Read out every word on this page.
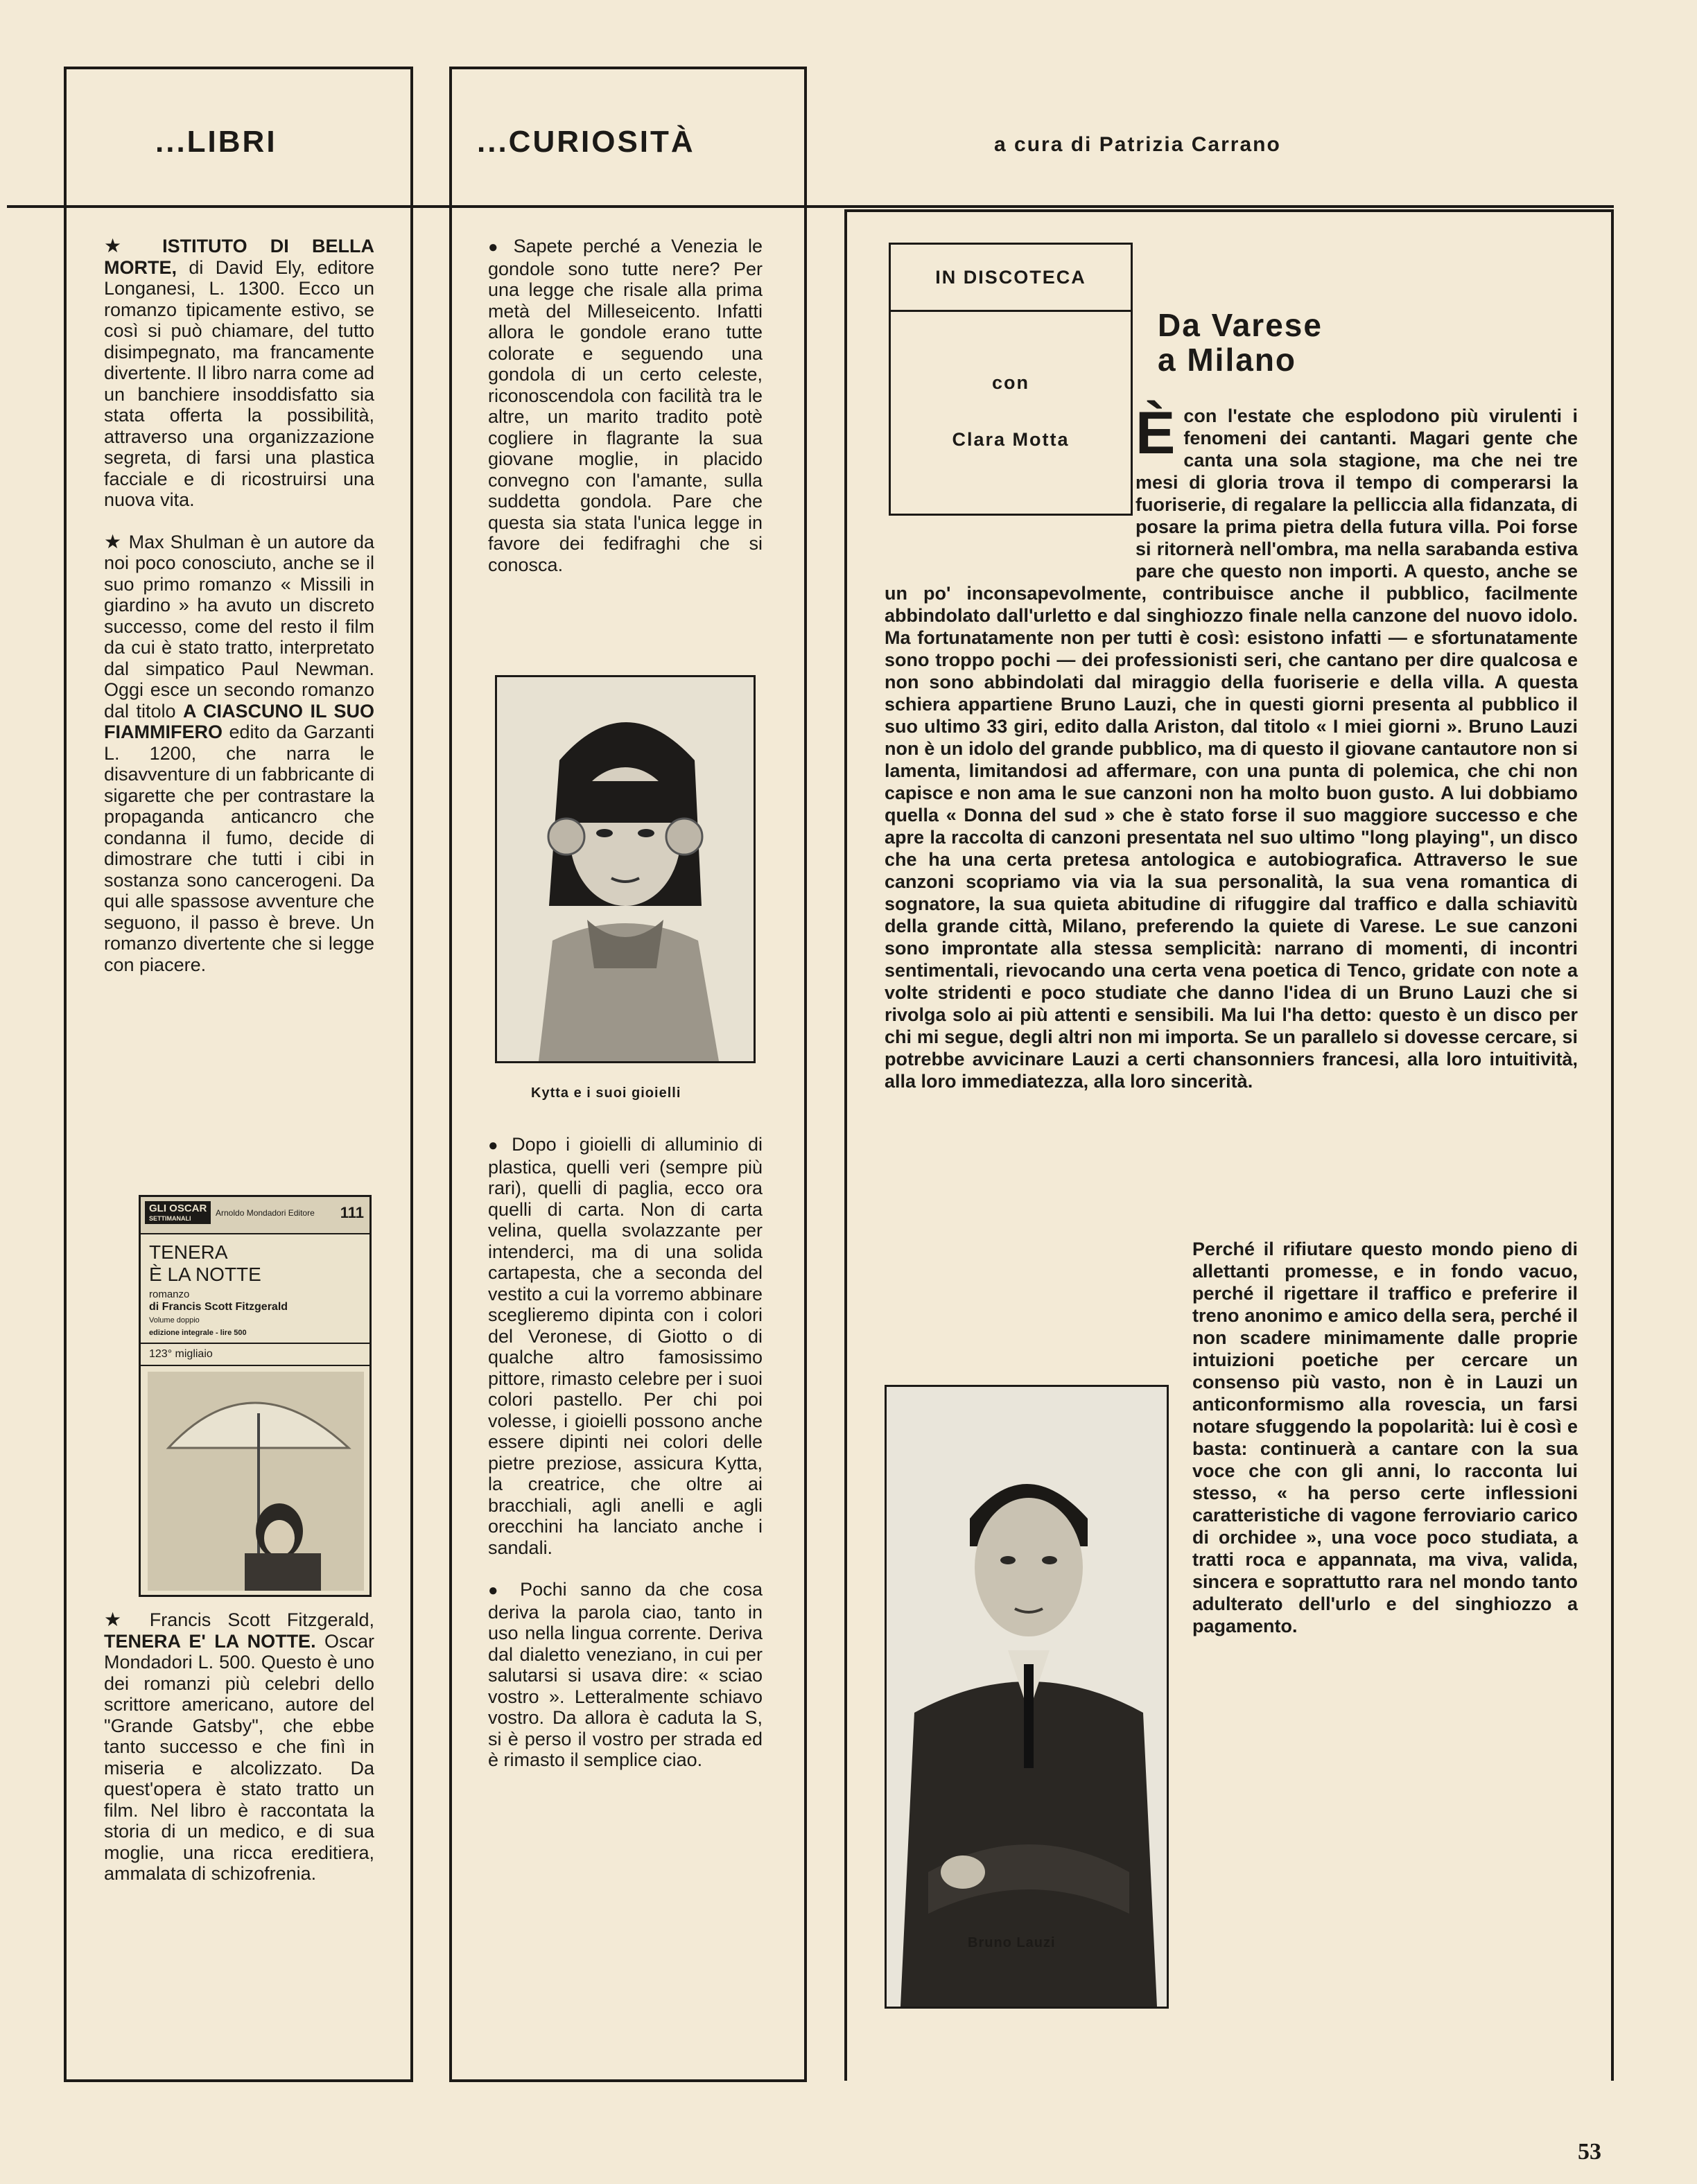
...LIBRI	...CURIOSITÀ	a cura di Patrizia Carrano

★ ISTITUTO DI BELLA MORTE, di David Ely, editore Longanesi, L. 1300. Ecco un romanzo tipicamente estivo, se così si può chiamare, del tutto disimpegnato, ma francamente divertente. Il libro narra come ad un banchiere insoddisfatto sia stata offerta la possibilità, attraverso una organizzazione segreta, di farsi una plastica facciale e di ricostruirsi una nuova vita.

★ Max Shulman è un autore da noi poco conosciuto, anche se il suo primo romanzo « Missili in giardino » ha avuto un discreto successo, come del resto il film da cui è stato tratto, interpretato dal simpatico Paul Newman. Oggi esce un secondo romanzo dal titolo A CIASCUNO IL SUO FIAMMIFERO edito da Garzanti L. 1200, che narra le disavventure di un fabbricante di sigarette che per contrastare la propaganda anticancro che condanna il fumo, decide di dimostrare che tutti i cibi in sostanza sono cancerogeni. Da qui alle spassose avventure che seguono, il passo è breve. Un romanzo divertente che si legge con piacere.

GLI OSCAR
SETTIMANALI
Arnoldo Mondadori Editore 111
TENERA
È LA NOTTE
romanzo
di Francis Scott Fitzgerald
Volume doppio
edizione integrale - lire 500
123° migliaio

★ Francis Scott Fitzgerald, TENERA E' LA NOTTE. Oscar Mondadori L. 500. Questo è uno dei romanzi più celebri dello scrittore americano, autore del "Grande Gatsby", che ebbe tanto successo e che finì in miseria e alcolizzato. Da quest'opera è stato tratto un film. Nel libro è raccontata la storia di un medico, e di sua moglie, una ricca ereditiera, ammalata di schizofrenia.

● Sapete perché a Venezia le gondole sono tutte nere? Per una legge che risale alla prima metà del Milleseicento. Infatti allora le gondole erano tutte colorate e seguendo una gondola di un certo celeste, riconoscendola con facilità tra le altre, un marito tradito potè cogliere in flagrante la sua giovane moglie, in placido convegno con l'amante, sulla suddetta gondola. Pare che questa sia stata l'unica legge in favore dei fedifraghi che si conosca.

Kytta e i suoi gioielli

● Dopo i gioielli di alluminio di plastica, quelli veri (sempre più rari), quelli di paglia, ecco ora quelli di carta. Non di carta velina, quella svolazzante per intenderci, ma di una solida cartapesta, che a seconda del vestito a cui la vorremo abbinare sceglieremo dipinta con i colori del Veronese, di Giotto o di qualche altro famosissimo pittore, rimasto celebre per i suoi colori pastello. Per chi poi volesse, i gioielli possono anche essere dipinti nei colori delle pietre preziose, assicura Kytta, la creatrice, che oltre ai bracchiali, agli anelli e agli orecchini ha lanciato anche i sandali.

● Pochi sanno da che cosa deriva la parola ciao, tanto in uso nella lingua corrente. Deriva dal dialetto veneziano, in cui per salutarsi si usava dire: « sciao vostro ». Letteralmente schiavo vostro. Da allora è caduta la S, si è perso il vostro per strada ed è rimasto il semplice ciao.

IN DISCOTECA
con
Clara Motta
Da Varese
a Milano

È con l'estate che esplodono più virulenti i fenomeni dei cantanti. Magari gente che canta una sola stagione, ma che nei tre mesi di gloria trova il tempo di comperarsi la fuoriserie, di regalare la pelliccia alla fidanzata, di posare la prima pietra della futura villa. Poi forse si ritornerà nell'ombra, ma nella sarabanda estiva pare che questo non importi. A questo, anche se un po' inconsapevolmente, contribuisce anche il pubblico, facilmente abbindolato dall'urletto e dal singhiozzo finale nella canzone del nuovo idolo. Ma fortunatamente non per tutti è così: esistono infatti — e sfortunatamente sono troppo pochi — dei professionisti seri, che cantano per dire qualcosa e non sono abbindolati dal miraggio della fuoriserie e della villa. A questa schiera appartiene Bruno Lauzi, che in questi giorni presenta al pubblico il suo ultimo 33 giri, edito dalla Ariston, dal titolo « I miei giorni ». Bruno Lauzi non è un idolo del grande pubblico, ma di questo il giovane cantautore non si lamenta, limitandosi ad affermare, con una punta di polemica, che chi non capisce e non ama le sue canzoni non ha molto buon gusto. A lui dobbiamo quella « Donna del sud » che è stato forse il suo maggiore successo e che apre la raccolta di canzoni presentata nel suo ultimo "long playing", un disco che ha una certa pretesa antologica e autobiografica. Attraverso le sue canzoni scopriamo via via la sua personalità, la sua vena romantica di sognatore, la sua quieta abitudine di rifuggire dal traffico e dalla schiavitù della grande città, Milano, preferendo la quiete di Varese. Le sue canzoni sono improntate alla stessa semplicità: narrano di momenti, di incontri sentimentali, rievocando una certa vena poetica di Tenco, gridate con note a volte stridenti e poco studiate che danno l'idea di un Bruno Lauzi che si rivolga solo ai più attenti e sensibili. Ma lui l'ha detto: questo è un disco per chi mi segue, degli altri non mi importa. Se un parallelo si dovesse cercare, si potrebbe avvicinare Lauzi a certi chansonniers francesi, alla loro intuitività, alla loro immediatezza, alla loro sincerità.

Bruno Lauzi

Perché il rifiutare questo mondo pieno di allettanti promesse, e in fondo vacuo, perché il rigettare il traffico e preferire il treno anonimo e amico della sera, perché il non scadere minimamente dalle proprie intuizioni poetiche per cercare un consenso più vasto, non è in Lauzi un anticonformismo alla rovescia, un farsi notare sfuggendo la popolarità: lui è così e basta: continuerà a cantare con la sua voce che con gli anni, lo racconta lui stesso, « ha perso certe inflessioni caratteristiche di vagone ferroviario carico di orchidee », una voce poco studiata, a tratti roca e appannata, ma viva, valida, sincera e soprattutto rara nel mondo tanto adulterato dell'urlo e del singhiozzo a pagamento.

53
